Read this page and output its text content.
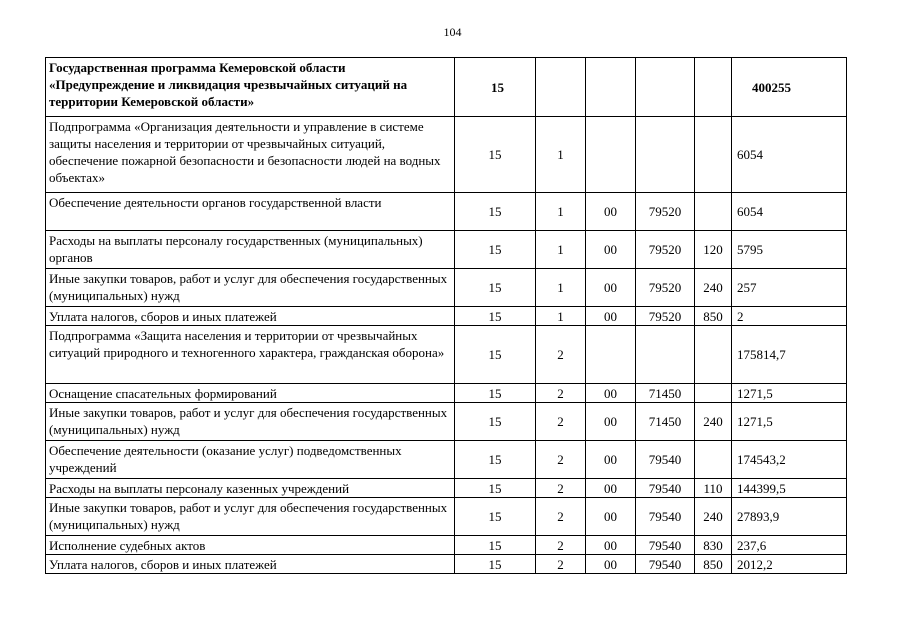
104
Государственная программа Кемеровской области «Предупреждение и ликвидация чрезвычайных ситуаций на территории Кемеровской области»	15					400255
Подпрограмма «Организация деятельности и управление в системе защиты населения и территории от чрезвычайных ситуаций, обеспечение пожарной безопасности и безопасности людей на водных объектах»	15	1				6054
Обеспечение деятельности органов государственной власти	15	1	00	79520		6054
Расходы на выплаты персоналу государственных (муниципальных) органов	15	1	00	79520	120	5795
Иные закупки товаров, работ и услуг для обеспечения государственных (муниципальных) нужд	15	1	00	79520	240	257
Уплата налогов, сборов и иных платежей	15	1	00	79520	850	2
Подпрограмма «Защита населения и территории от чрезвычайных ситуаций природного и техногенного характера, гражданская оборона»	15	2				175814,7
Оснащение спасательных формирований	15	2	00	71450		1271,5
Иные закупки товаров, работ и услуг для обеспечения государственных (муниципальных) нужд	15	2	00	71450	240	1271,5
Обеспечение деятельности (оказание услуг) подведомственных учреждений	15	2	00	79540		174543,2
Расходы на выплаты персоналу казенных учреждений	15	2	00	79540	110	144399,5
Иные закупки товаров, работ и услуг для обеспечения государственных (муниципальных) нужд	15	2	00	79540	240	27893,9
Исполнение судебных актов	15	2	00	79540	830	237,6
Уплата налогов, сборов и иных платежей	15	2	00	79540	850	2012,2
